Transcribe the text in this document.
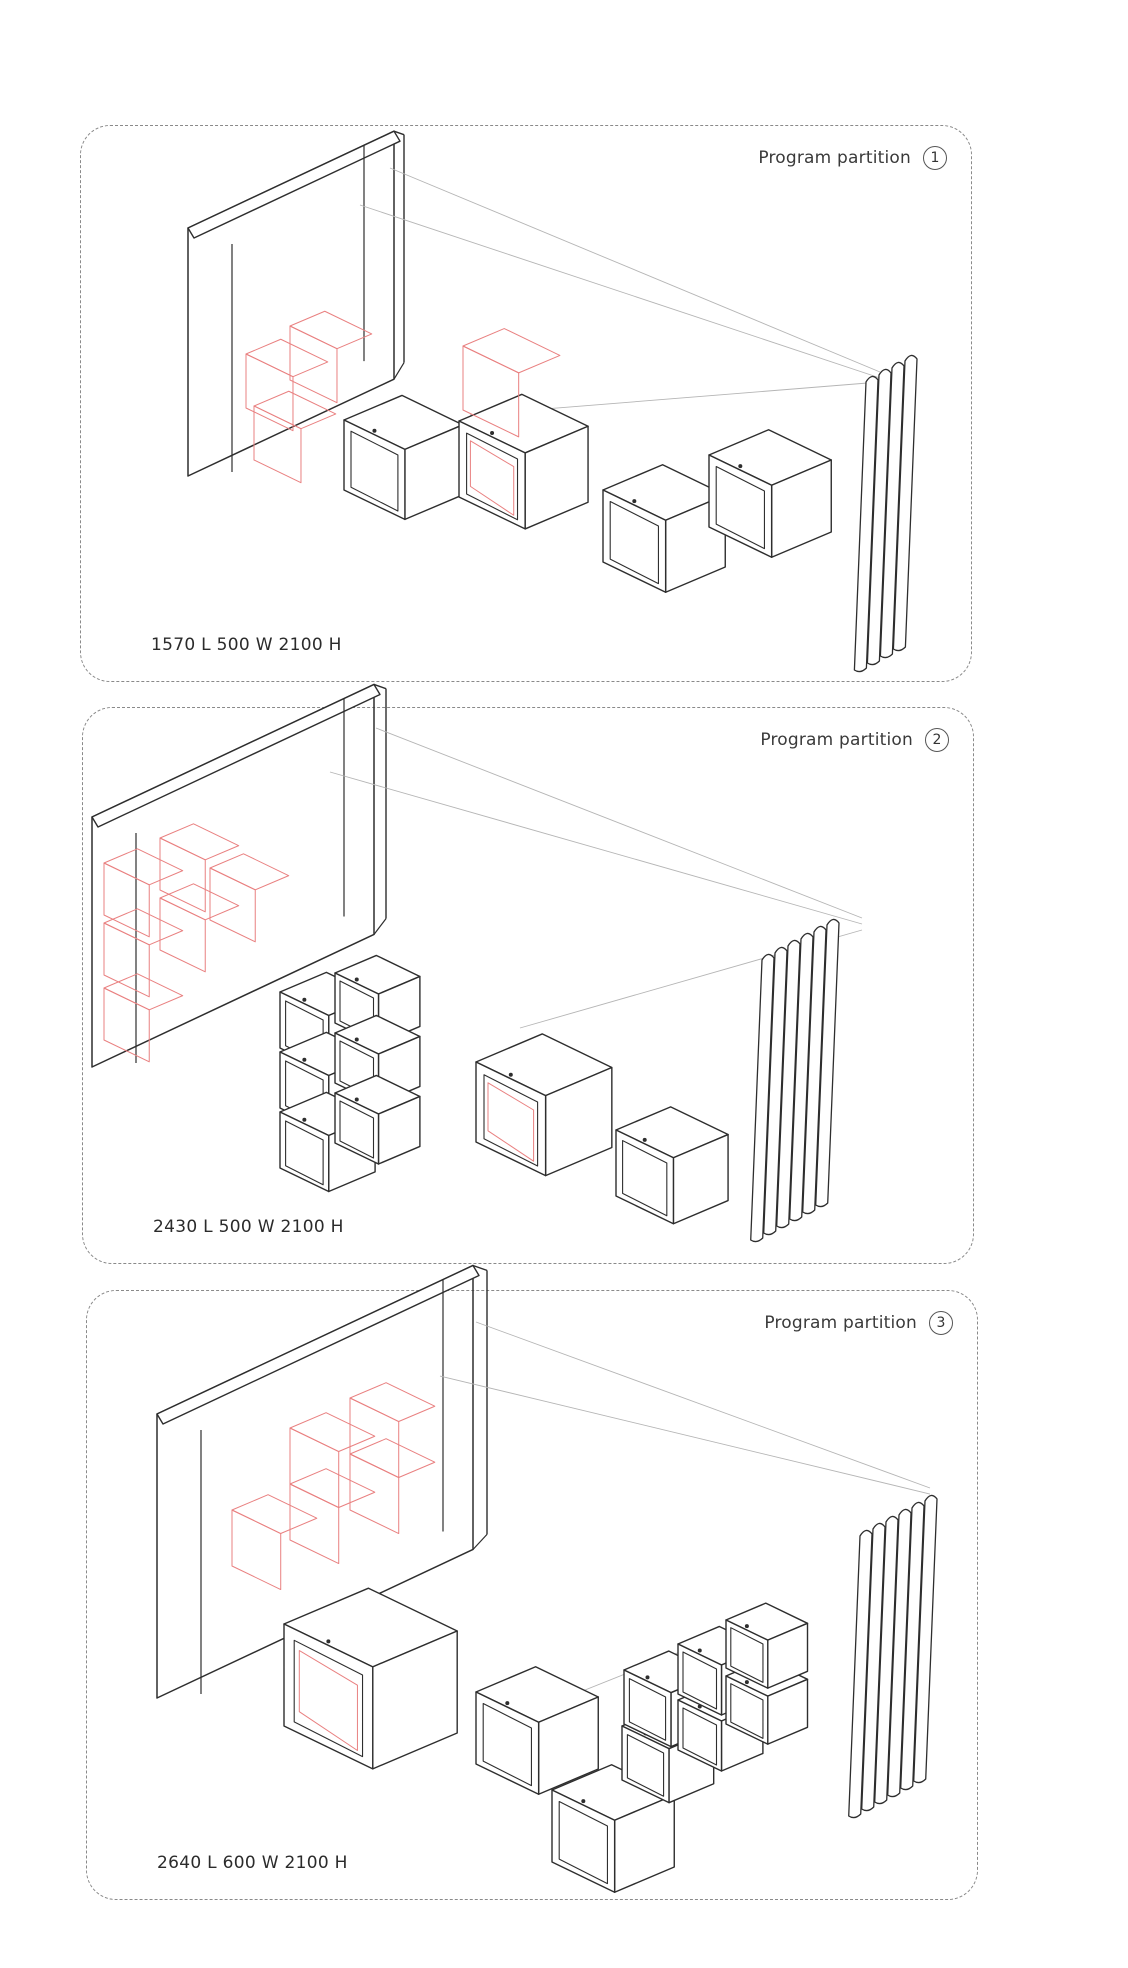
Program partition	1
1570 L 500 W 2100 H
Program partition	2
2430 L 500 W 2100 H
Program partition	3
2640 L 600 W 2100 H
